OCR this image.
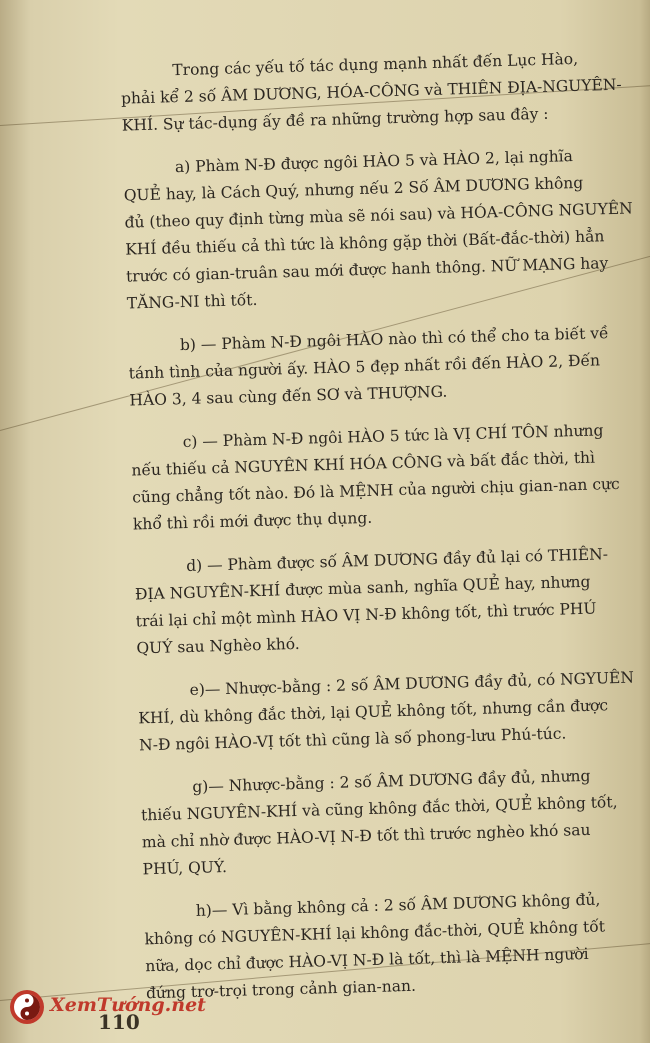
Trong các yếu tố tác dụng mạnh nhất đến Lục Hào,
phải kể 2 số ÂM DƯƠNG, HÓA-CÔNG và THIÊN ĐỊA-NGUYÊN-
KHÍ. Sự tác-dụng ấy đề ra những trường hợp sau đây :
a) Phàm N-Đ được ngôi HÀO 5 và HÀO 2, lại nghĩa
QUẺ hay, là Cách Quý, nhưng nếu 2 Số ÂM DƯƠNG không
đủ (theo quy định từng mùa sẽ nói sau) và HÓA-CÔNG NGUYÊN
KHÍ đều thiếu cả thì tức là không gặp thời (Bất-đắc-thời) hẳn
trước có gian-truân sau mới được hanh thông. NỮ MẠNG hay
TĂNG-NI thì tốt.
b) — Phàm N-Đ ngôi HÀO nào thì có thể cho ta biết về
tánh tình của người ấy. HÀO 5 đẹp nhất rồi đến HÀO 2, Đến
HÀO 3, 4 sau cùng đến SƠ và THƯỢNG.
c) — Phàm N-Đ ngôi HÀO 5 tức là VỊ CHÍ TÔN nhưng
nếu thiếu cả NGUYÊN KHÍ HÓA CÔNG và bất đắc thời, thì
cũng chẳng tốt nào. Đó là MỆNH của người chịu gian-nan cực
khổ thì rồi mới được thụ dụng.
d) — Phàm được số ÂM DƯƠNG đầy đủ lại có THIÊN-
ĐỊA NGUYÊN-KHÍ được mùa sanh, nghĩa QUẺ hay, nhưng
trái lại chỉ một mình HÀO VỊ N-Đ không tốt, thì trước PHÚ
QUÝ sau Nghèo khó.
e)— Nhược-bằng : 2 số ÂM DƯƠNG đầy đủ, có NGYUÊN
KHÍ, dù không đắc thời, lại QUẺ không tốt, nhưng cần được
N-Đ ngôi HÀO-VỊ tốt thì cũng là số phong-lưu Phú-túc.
g)— Nhược-bằng : 2 số ÂM DƯƠNG đầy đủ, nhưng
thiếu NGUYÊN-KHÍ và cũng không đắc thời, QUẺ không tốt,
mà chỉ nhờ được HÀO-VỊ N-Đ tốt thì trước nghèo khó sau
PHÚ, QUÝ.
h)— Vì bằng không cả : 2 số ÂM DƯƠNG không đủ,
không có NGUYÊN-KHÍ lại không đắc-thời, QUẺ không tốt
nữa, dọc chỉ được HÀO-VỊ N-Đ là tốt, thì là MỆNH người
đứng trơ-trọi trong cảnh gian-nan.
XemTướng.net
110
